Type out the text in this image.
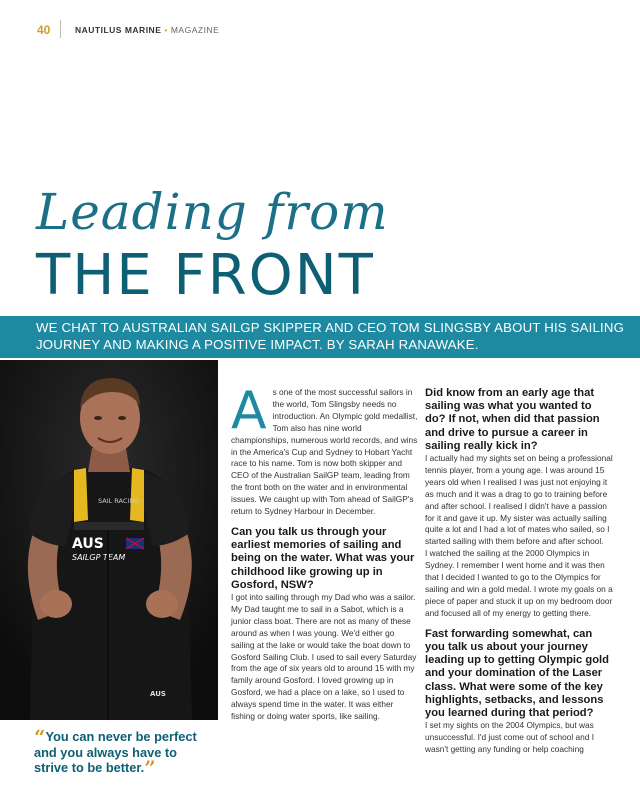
40	NAUTILUS MARINE • MAGAZINE
Leading from
THE FRONT
WE CHAT TO AUSTRALIAN SAILGP SKIPPER AND CEO TOM SLINGSBY ABOUT HIS SAILING JOURNEY AND MAKING A POSITIVE IMPACT. BY SARAH RANAWAKE.
SAIL RACING
AUS
SAILGP TEAM
AUS
“You can never be perfect and you always have to strive to be better.”

As one of the most successful sailors in the world, Tom Slingsby needs no introduction. An Olympic gold medallist, Tom also has nine world championships, numerous world records, and wins in the America's Cup and Sydney to Hobart Yacht race to his name. Tom is now both skipper and CEO of the Australian SailGP team, leading from the front both on the water and in environmental issues. We caught up with Tom ahead of SailGP's return to Sydney Harbour in December.

Can you talk us through your earliest memories of sailing and being on the water. What was your childhood like growing up in Gosford, NSW?

I got into sailing through my Dad who was a sailor. My Dad taught me to sail in a Sabot, which is a junior class boat. There are not as many of these around as when I was young. We'd either go sailing at the lake or would take the boat down to Gosford Sailing Club. I used to sail every Saturday from the age of six years old to around 15 with my family around Gosford. I loved growing up in Gosford, we had a place on a lake, so I used to always spend time in the water. It was either fishing or doing water sports, like sailing.

Did know from an early age that sailing was what you wanted to do? If not, when did that passion and drive to pursue a career in sailing really kick in?

I actually had my sights set on being a professional tennis player, from a young age. I was around 15 years old when I realised I was just not enjoying it as much and it was a drag to go to training before and after school. I realised I didn't have a passion for it and gave it up. My sister was actually sailing quite a lot and I had a lot of mates who sailed, so I started sailing with them before and after school.

I watched the sailing at the 2000 Olympics in Sydney. I remember I went home and it was then that I decided I wanted to go to the Olympics for sailing and win a gold medal. I wrote my goals on a piece of paper and stuck it up on my bedroom door and focused all of my energy to getting there.

Fast forwarding somewhat, can you talk us about your journey leading up to getting Olympic gold and your domination of the Laser class. What were some of the key highlights, setbacks, and lessons you learned during that period?

I set my sights on the 2004 Olympics, but was unsuccessful. I'd just come out of school and I wasn't getting any funding or help coaching
